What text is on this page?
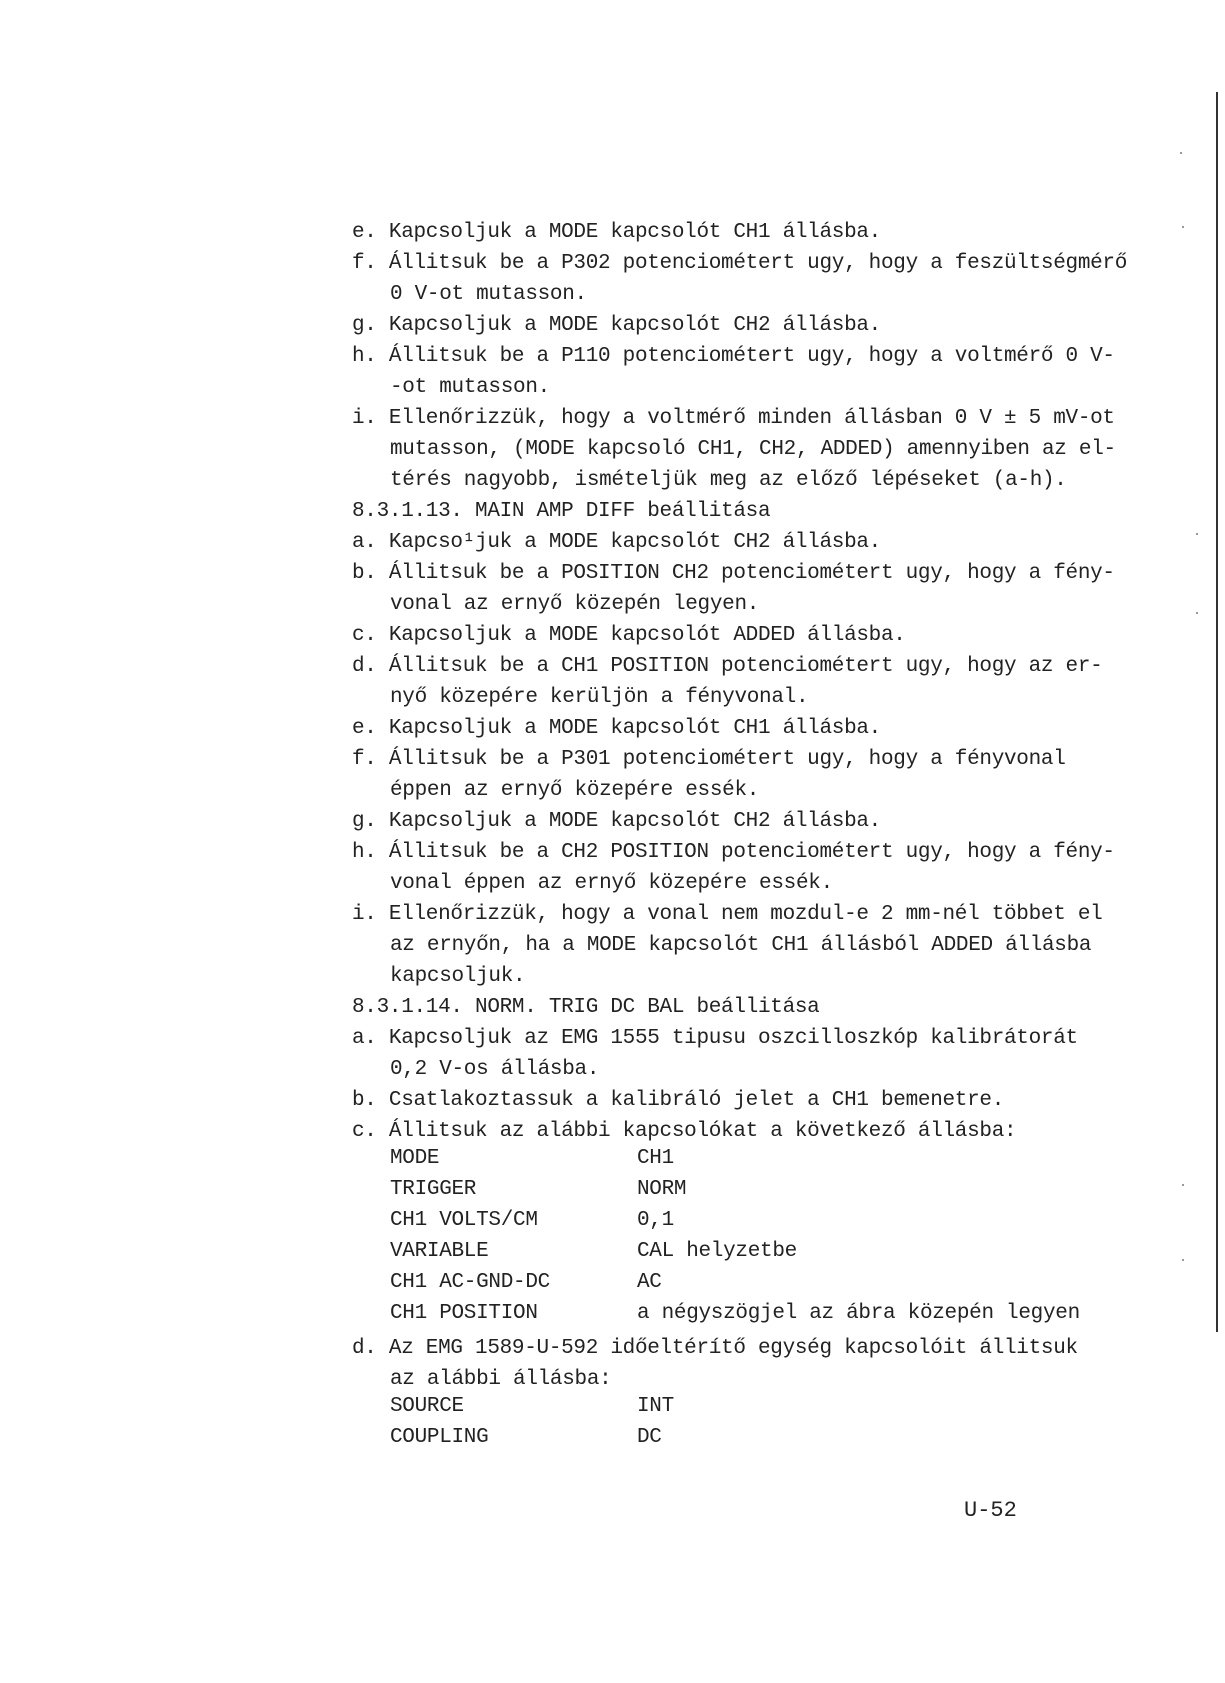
e. Kapcsoljuk a MODE kapcsolót CH1 állásba.
f. Állitsuk be a P302 potenciométert ugy, hogy a feszültségmérő
0 V-ot mutasson.
g. Kapcsoljuk a MODE kapcsolót CH2 állásba.
h. Állitsuk be a P110 potenciométert ugy, hogy a voltmérő 0 V-
-ot mutasson.
i. Ellenőrizzük, hogy a voltmérő minden állásban 0 V ± 5 mV-ot
mutasson, (MODE kapcsoló CH1, CH2, ADDED) amennyiben az el-
térés nagyobb, ismételjük meg az előző lépéseket (a-h).
8.3.1.13. MAIN AMP DIFF beállitása
a. Kapcso¹juk a MODE kapcsolót CH2 állásba.
b. Állitsuk be a POSITION CH2 potenciométert ugy, hogy a fény-
vonal az ernyő közepén legyen.
c. Kapcsoljuk a MODE kapcsolót ADDED állásba.
d. Állitsuk be a CH1 POSITION potenciométert ugy, hogy az er-
nyő közepére kerüljön a fényvonal.
e. Kapcsoljuk a MODE kapcsolót CH1 állásba.
f. Állitsuk be a P301 potenciométert ugy, hogy a fényvonal
éppen az ernyő közepére essék.
g. Kapcsoljuk a MODE kapcsolót CH2 állásba.
h. Állitsuk be a CH2 POSITION potenciométert ugy, hogy a fény-
vonal éppen az ernyő közepére essék.
i. Ellenőrizzük, hogy a vonal nem mozdul-e 2 mm-nél többet el
az ernyőn, ha a MODE kapcsolót CH1 állásból ADDED állásba
kapcsoljuk.
8.3.1.14. NORM. TRIG DC BAL beállitása
a. Kapcsoljuk az EMG 1555 tipusu oszcilloszkóp kalibrátorát
0,2 V-os állásba.
b. Csatlakoztassuk a kalibráló jelet a CH1 bemenetre.
c. Állitsuk az alábbi kapcsolókat a következő állásba:
MODE	CH1
TRIGGER	NORM
CH1 VOLTS/CM	0,1
VARIABLE	CAL helyzetbe
CH1 AC-GND-DC	AC
CH1 POSITION	a négyszögjel az ábra közepén legyen
d. Az EMG 1589-U-592 időeltérítő egység kapcsolóit állitsuk
az alábbi állásba:
SOURCE	INT
COUPLING	DC
U-52
